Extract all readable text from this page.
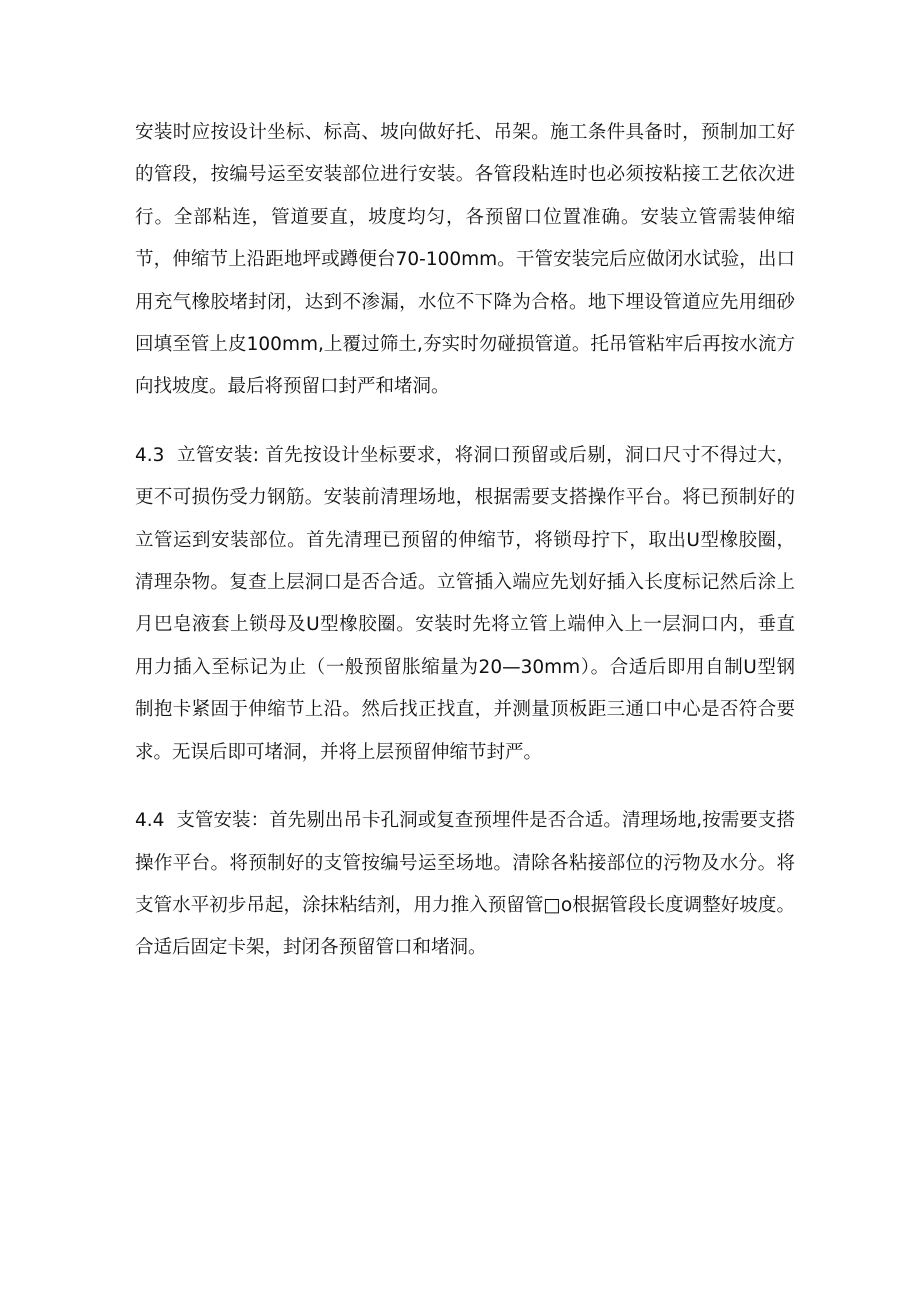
安装时应按设计坐标、标高、坡向做好托、吊架。施工条件具备时，预制加工好的管段，按编号运至安装部位进行安装。各管段粘连时也必须按粘接工艺依次进行。全部粘连，管道要直，坡度均匀，各预留口位置准确。安装立管需装伸缩节，伸缩节上沿距地坪或蹲便台70-100mm。干管安装完后应做闭水试验，出口用充气橡胶堵封闭，达到不渗漏，水位不下降为合格。地下埋设管道应先用细砂回填至管上皮100mm,上覆过筛土,夯实时勿碰损管道。托吊管粘牢后再按水流方向找坡度。最后将预留口封严和堵洞。

4.3 立管安装: 首先按设计坐标要求，将洞口预留或后剔，洞口尺寸不得过大，更不可损伤受力钢筋。安装前清理场地，根据需要支搭操作平台。将已预制好的立管运到安装部位。首先清理已预留的伸缩节，将锁母拧下，取出U型橡胶圈，清理杂物。复查上层洞口是否合适。立管插入端应先划好插入长度标记然后涂上月巴皂液套上锁母及U型橡胶圈。安装时先将立管上端伸入上一层洞口内，垂直用力插入至标记为止（一般预留胀缩量为20—30mm）。合适后即用自制U型钢制抱卡紧固于伸缩节上沿。然后找正找直，并测量顶板距三通口中心是否符合要求。无误后即可堵洞，并将上层预留伸缩节封严。

4.4 支管安装：首先剔出吊卡孔洞或复查预埋件是否合适。清理场地,按需要支搭操作平台。将预制好的支管按编号运至场地。清除各粘接部位的污物及水分。将支管水平初步吊起，涂抹粘结剂，用力推入预留管□o根据管段长度调整好坡度。合适后固定卡架，封闭各预留管口和堵洞。
